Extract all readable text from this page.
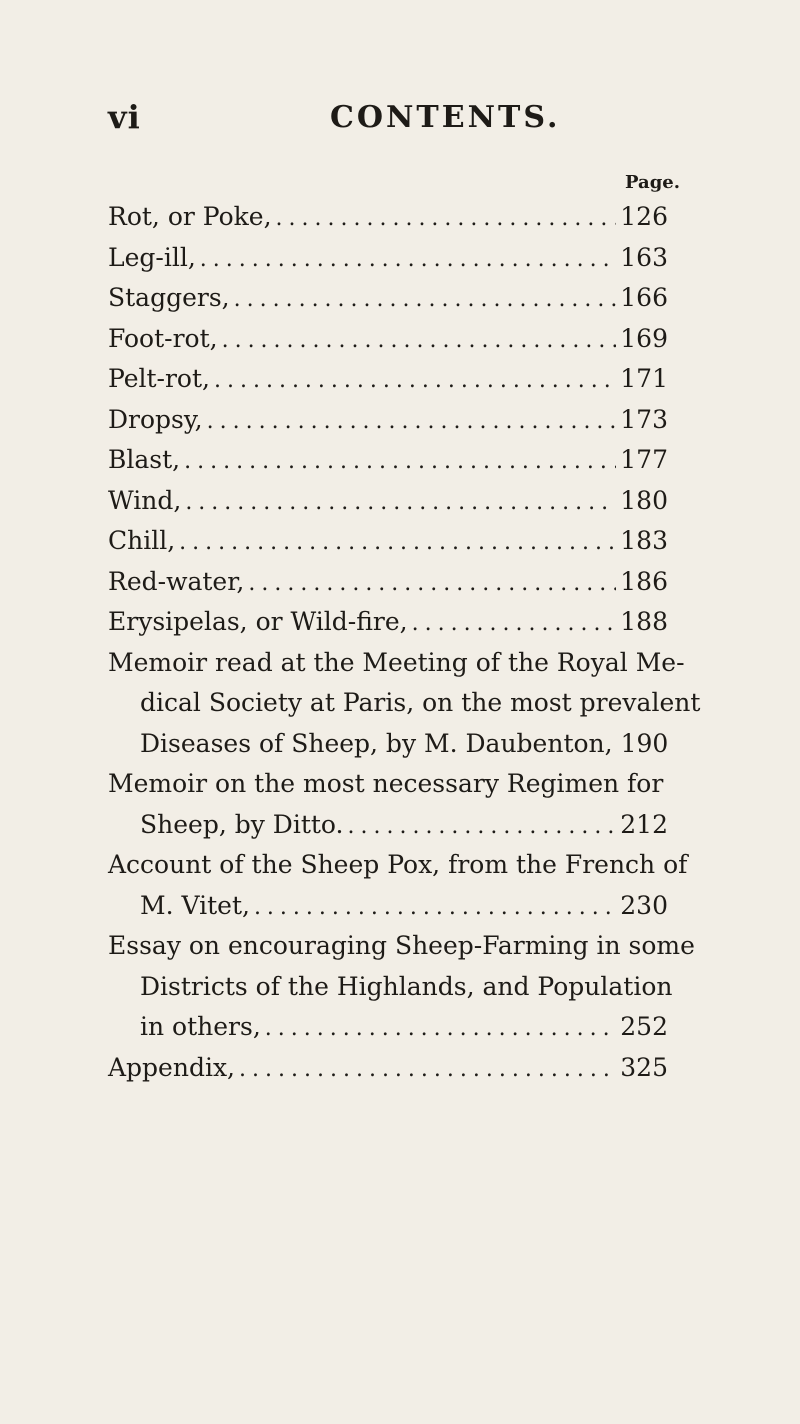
vi	CONTENTS.
Page.
Rot, or Poke, .....	126
Leg-ill, .....	163
Staggers, .....	166
Foot-rot, .....	169
Pelt-rot, .....	171
Dropsy, .....	173
Blast, .....	177
Wind, .....	180
Chill, .....	183
Red-water, .....	186
Erysipelas, or Wild-fire, .....	188
Memoir read at the Meeting of the Royal Me-
dical Society at Paris, on the most prevalent
Diseases of Sheep, by M. Daubenton, 190
Memoir on the most necessary Regimen for
Sheep, by Ditto. .....	212
Account of the Sheep Pox, from the French of
M. Vitet, .....	230
Essay on encouraging Sheep-Farming in some
Districts of the Highlands, and Population
in others, .....	252
Appendix, .....	325
